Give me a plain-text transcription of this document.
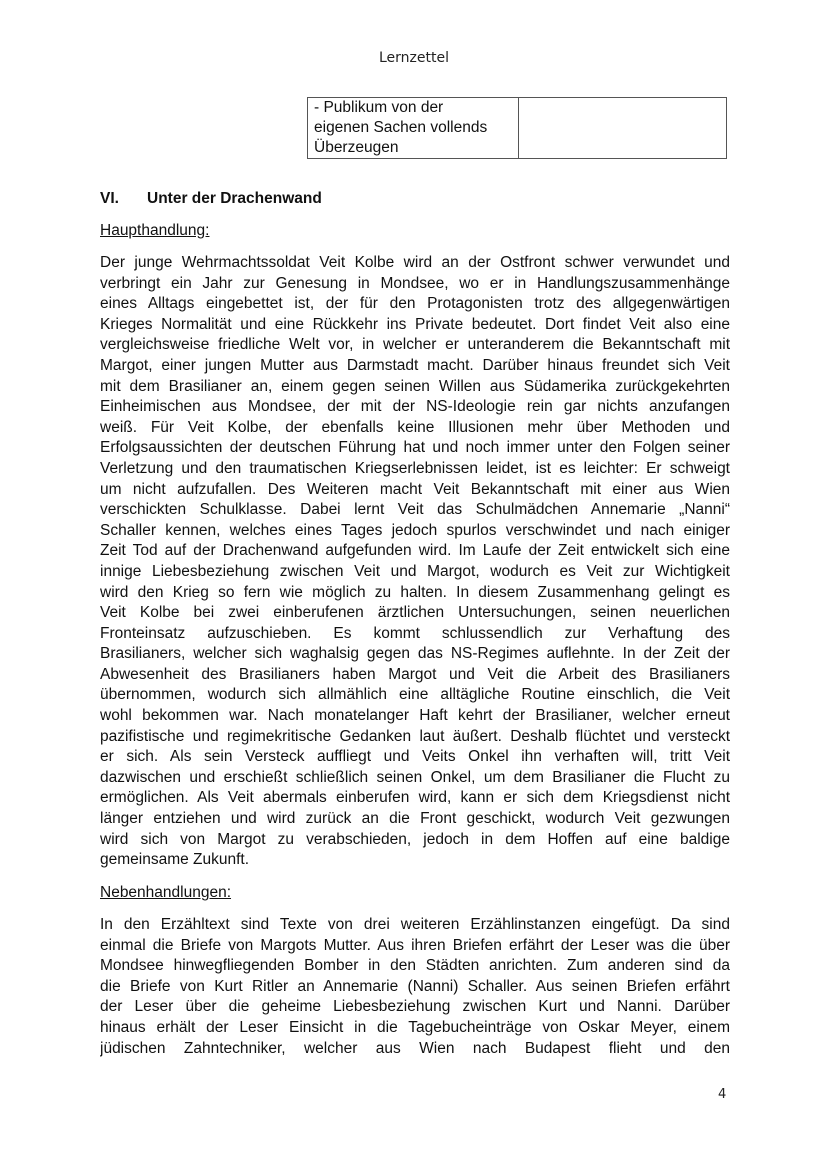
Lernzettel
- Publikum von der
eigenen Sachen vollends
Überzeugen

VI. Unter der Drachenwand
Haupthandlung:
Der junge Wehrmachtssoldat Veit Kolbe wird an der Ostfront schwer verwundet und
verbringt ein Jahr zur Genesung in Mondsee, wo er in Handlungszusammenhänge
eines Alltags eingebettet ist, der für den Protagonisten trotz des allgegenwärtigen
Krieges Normalität und eine Rückkehr ins Private bedeutet. Dort findet Veit also eine
vergleichsweise friedliche Welt vor, in welcher er unteranderem die Bekanntschaft mit
Margot, einer jungen Mutter aus Darmstadt macht. Darüber hinaus freundet sich Veit
mit dem Brasilianer an, einem gegen seinen Willen aus Südamerika zurückgekehrten
Einheimischen aus Mondsee, der mit der NS-Ideologie rein gar nichts anzufangen
weiß. Für Veit Kolbe, der ebenfalls keine Illusionen mehr über Methoden und
Erfolgsaussichten der deutschen Führung hat und noch immer unter den Folgen seiner
Verletzung und den traumatischen Kriegserlebnissen leidet, ist es leichter: Er schweigt
um nicht aufzufallen. Des Weiteren macht Veit Bekanntschaft mit einer aus Wien
verschickten Schulklasse. Dabei lernt Veit das Schulmädchen Annemarie „Nanni“
Schaller kennen, welches eines Tages jedoch spurlos verschwindet und nach einiger
Zeit Tod auf der Drachenwand aufgefunden wird. Im Laufe der Zeit entwickelt sich eine
innige Liebesbeziehung zwischen Veit und Margot, wodurch es Veit zur Wichtigkeit
wird den Krieg so fern wie möglich zu halten. In diesem Zusammenhang gelingt es
Veit Kolbe bei zwei einberufenen ärztlichen Untersuchungen, seinen neuerlichen
Fronteinsatz aufzuschieben. Es kommt schlussendlich zur Verhaftung des
Brasilianers, welcher sich waghalsig gegen das NS-Regimes auflehnte. In der Zeit der
Abwesenheit des Brasilianers haben Margot und Veit die Arbeit des Brasilianers
übernommen, wodurch sich allmählich eine alltägliche Routine einschlich, die Veit
wohl bekommen war. Nach monatelanger Haft kehrt der Brasilianer, welcher erneut
pazifistische und regimekritische Gedanken laut äußert. Deshalb flüchtet und versteckt
er sich. Als sein Versteck auffliegt und Veits Onkel ihn verhaften will, tritt Veit
dazwischen und erschießt schließlich seinen Onkel, um dem Brasilianer die Flucht zu
ermöglichen. Als Veit abermals einberufen wird, kann er sich dem Kriegsdienst nicht
länger entziehen und wird zurück an die Front geschickt, wodurch Veit gezwungen
wird sich von Margot zu verabschieden, jedoch in dem Hoffen auf eine baldige
gemeinsame Zukunft.
Nebenhandlungen:
In den Erzähltext sind Texte von drei weiteren Erzählinstanzen eingefügt. Da sind
einmal die Briefe von Margots Mutter. Aus ihren Briefen erfährt der Leser was die über
Mondsee hinwegfliegenden Bomber in den Städten anrichten. Zum anderen sind da
die Briefe von Kurt Ritler an Annemarie (Nanni) Schaller. Aus seinen Briefen erfährt
der Leser über die geheime Liebesbeziehung zwischen Kurt und Nanni. Darüber
hinaus erhält der Leser Einsicht in die Tagebucheinträge von Oskar Meyer, einem
jüdischen Zahntechniker, welcher aus Wien nach Budapest flieht und den
4
